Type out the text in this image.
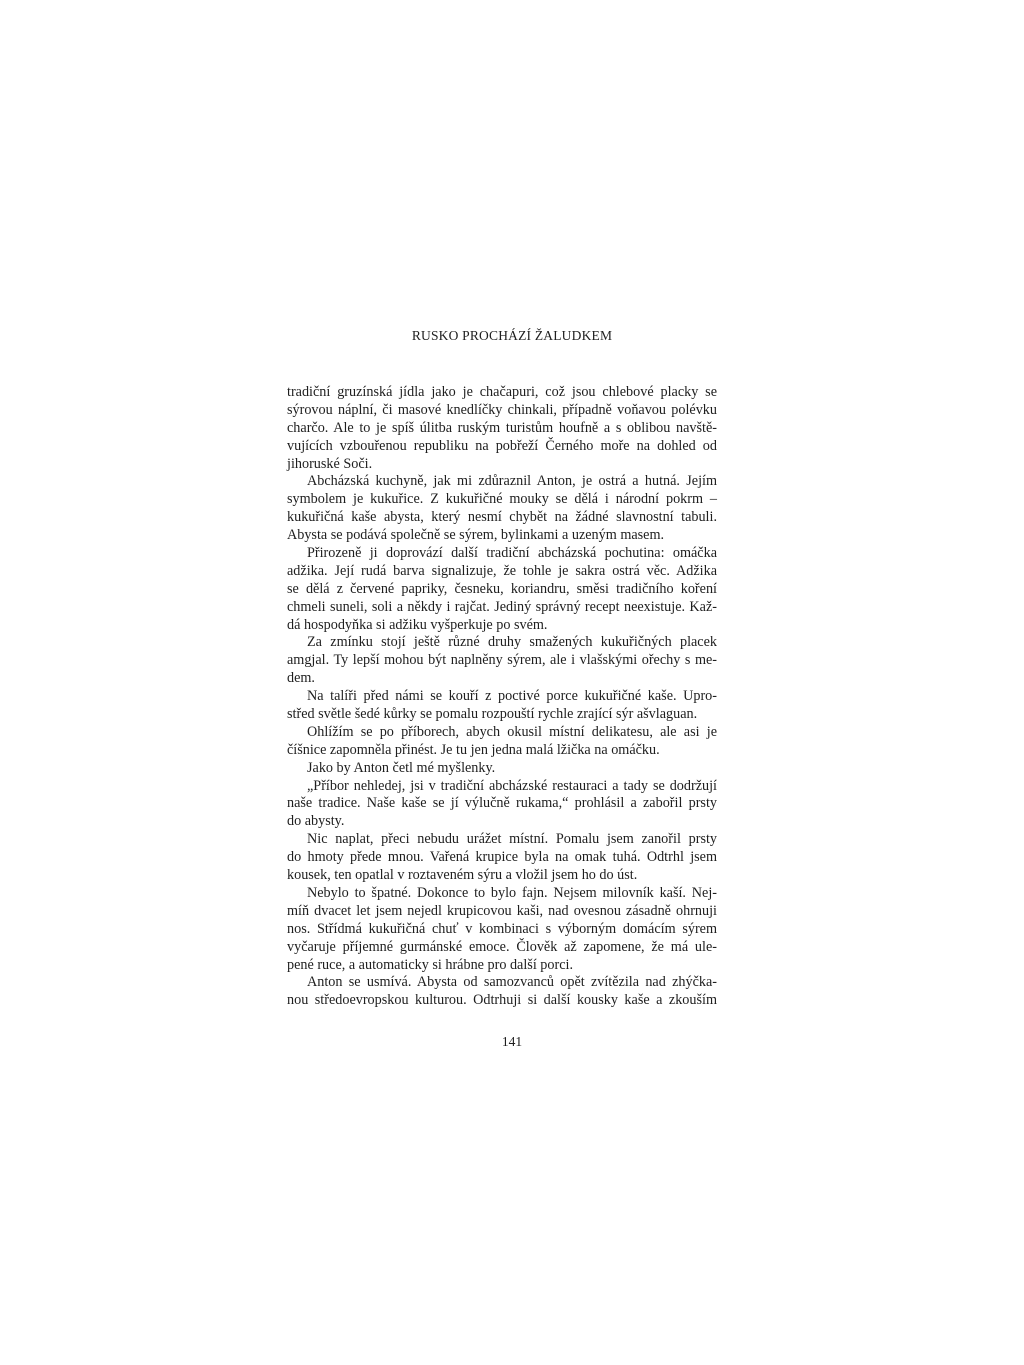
RUSKO PROCHÁZÍ ŽALUDKEM
tradiční gruzínská jídla jako je chačapuri, což jsou chlebové placky se
sýrovou náplní, či masové knedlíčky chinkali, případně voňavou polévku
charčo. Ale to je spíš úlitba ruským turistům houfně a s oblibou navště-
vujících vzbouřenou republiku na pobřeží Černého moře na dohled od
jihoruské Soči.
Abcházská kuchyně, jak mi zdůraznil Anton, je ostrá a hutná. Jejím
symbolem je kukuřice. Z kukuřičné mouky se dělá i národní pokrm –
kukuřičná kaše abysta, který nesmí chybět na žádné slavnostní tabuli.
Abysta se podává společně se sýrem, bylinkami a uzeným masem.
Přirozeně ji doprovází další tradiční abcházská pochutina: omáčka
adžika. Její rudá barva signalizuje, že tohle je sakra ostrá věc. Adžika
se dělá z červené papriky, česneku, koriandru, směsi tradičního koření
chmeli suneli, soli a někdy i rajčat. Jediný správný recept neexistuje. Kaž-
dá hospodyňka si adžiku vyšperkuje po svém.
Za zmínku stojí ještě různé druhy smažených kukuřičných placek
amgjal. Ty lepší mohou být naplněny sýrem, ale i vlašskými ořechy s me-
dem.
Na talíři před námi se kouří z poctivé porce kukuřičné kaše. Upro-
střed světle šedé kůrky se pomalu rozpouští rychle zrající sýr ašvlaguan.
Ohlížím se po příborech, abych okusil místní delikatesu, ale asi je
číšnice zapomněla přinést. Je tu jen jedna malá lžička na omáčku.
Jako by Anton četl mé myšlenky.
„Příbor nehledej, jsi v tradiční abcházské restauraci a tady se dodržují
naše tradice. Naše kaše se jí výlučně rukama,“ prohlásil a zabořil prsty
do abysty.
Nic naplat, přeci nebudu urážet místní. Pomalu jsem zanořil prsty
do hmoty přede mnou. Vařená krupice byla na omak tuhá. Odtrhl jsem
kousek, ten opatlal v roztaveném sýru a vložil jsem ho do úst.
Nebylo to špatné. Dokonce to bylo fajn. Nejsem milovník kaší. Nej-
míň dvacet let jsem nejedl krupicovou kaši, nad ovesnou zásadně ohrnuji
nos. Střídmá kukuřičná chuť v kombinaci s výborným domácím sýrem
vyčaruje příjemné gurmánské emoce. Člověk až zapomene, že má ule-
pené ruce, a automaticky si hrábne pro další porci.
Anton se usmívá. Abysta od samozvanců opět zvítězila nad zhýčka-
nou středoevropskou kulturou. Odtrhuji si další kousky kaše a zkouším
141
